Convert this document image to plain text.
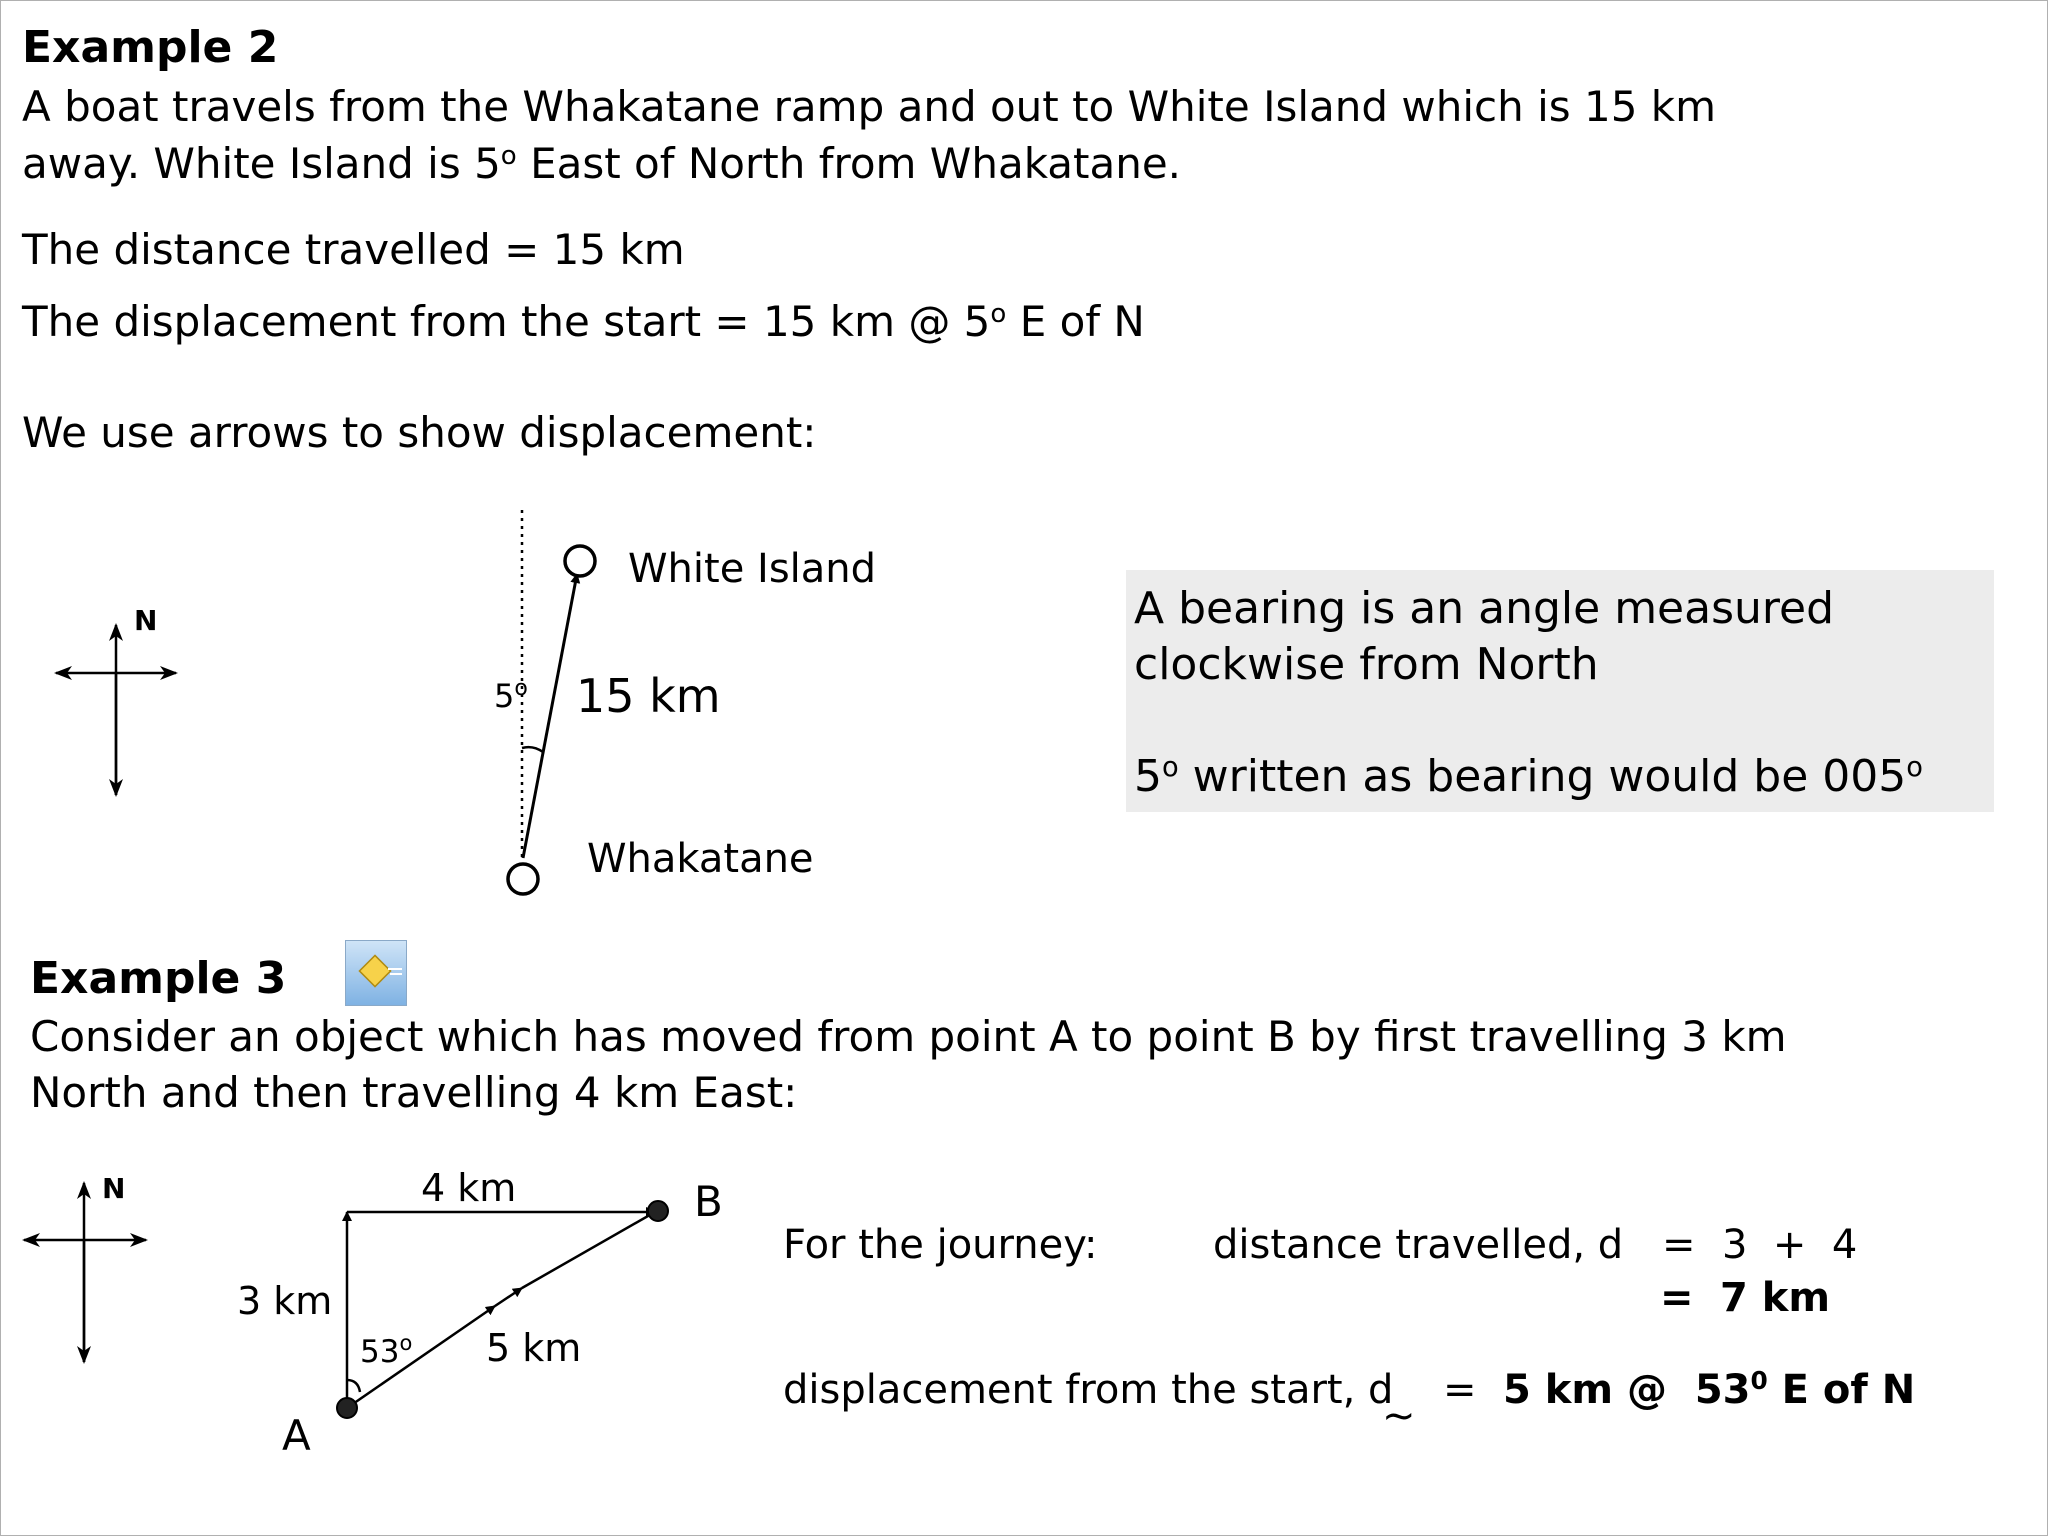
Example 2
A boat travels from the Whakatane ramp and out to White Island which is 15 km
away. White Island is 5$^o$ East of North from Whakatane.
The distance travelled = 15 km
The displacement from the start = 15 km @ 5$^o$ E of N
We use arrows to show displacement:
N
White Island
Whakatane
15 km
5$^o$
N	4 km
3 km
5 km
53$^o$
A
B
A bearing is an angle measured
clockwise from North
5$^o$ written as bearing would be 005$^o$
Example 3
Consider an object which has moved from point A to point B by first travelling 3 km
North and then travelling 4 km East:
For the journey:	distance travelled, d = 3  +  4
= 7 km
displacement from the start, d
~
= 5 km @  $53^0$ E of N
